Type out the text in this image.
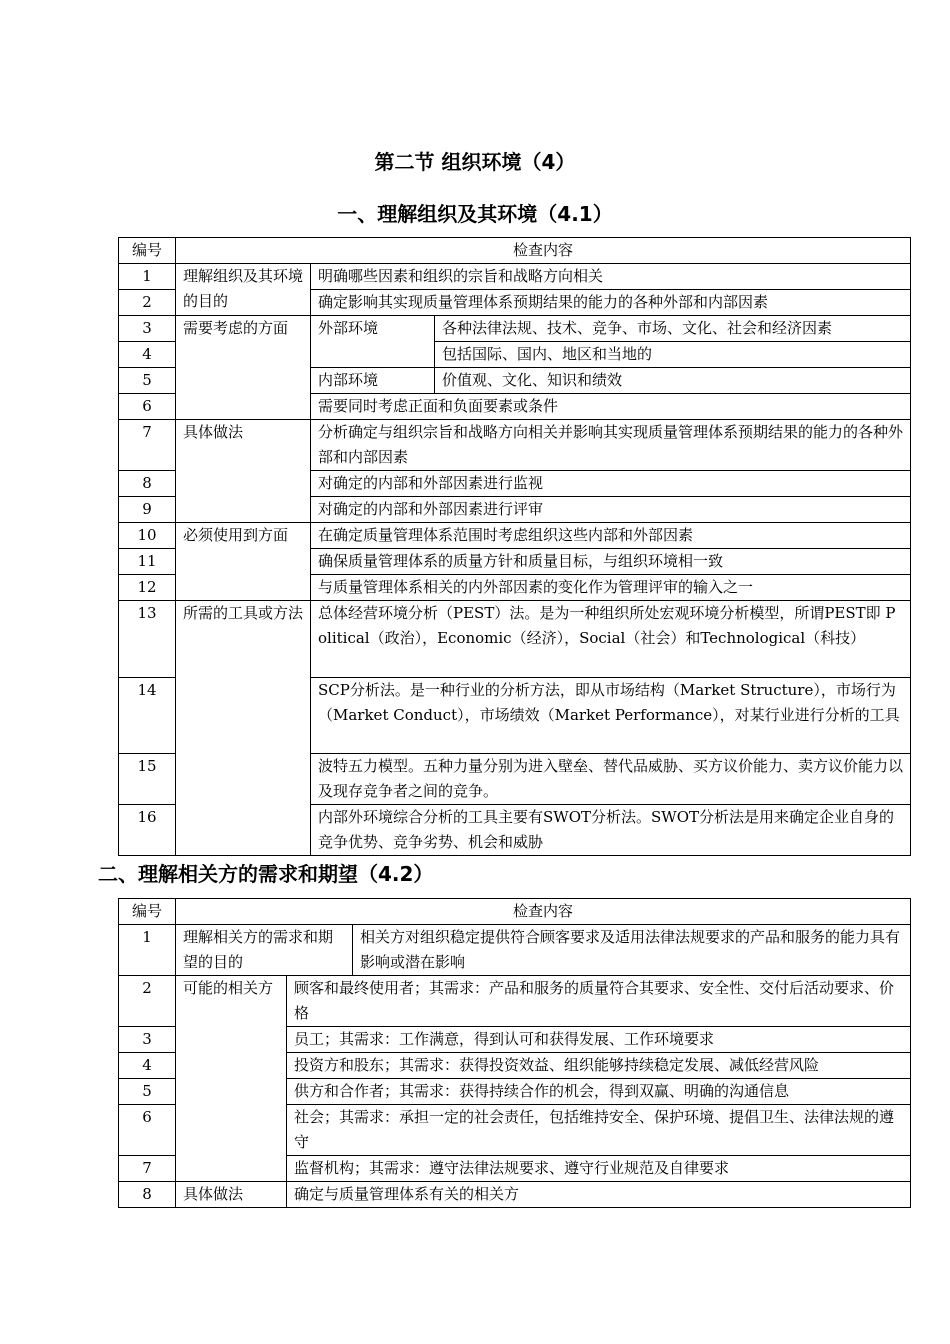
第二节 组织环境（4）
一、理解组织及其环境（4.1）
编号	检查内容		
1	理解组织及其环境的目的	明确哪些因素和组织的宗旨和战略方向相关	
2		确定影响其实现质量管理体系预期结果的能力的各种外部和内部因素	
3	需要考虑的方面	外部环境	各种法律法规、技术、竞争、市场、文化、社会和经济因素
4			包括国际、国内、地区和当地的
5		内部环境	价值观、文化、知识和绩效
6		需要同时考虑正面和负面要素或条件	
7	具体做法	分析确定与组织宗旨和战略方向相关并影响其实现质量管理体系预期结果的能力的各种外部和内部因素	
8		对确定的内部和外部因素进行监视	
9		对确定的内部和外部因素进行评审	
10	必须使用到方面	在确定质量管理体系范围时考虑组织这些内部和外部因素	
11		确保质量管理体系的质量方针和质量目标，与组织环境相一致	
12		与质量管理体系相关的内外部因素的变化作为管理评审的输入之一	
13	所需的工具或方法	总体经营环境分析（PEST）法。是为一种组织所处宏观环境分析模型，所谓PEST即 Political（政治），Economic（经济），Social（社会）和Technological（科技）	
14		SCP分析法。是一种行业的分析方法，即从市场结构（Market Structure），市场行为（Market Conduct），市场绩效（Market Performance），对某行业进行分析的工具	
15		波特五力模型。五种力量分别为进入壁垒、替代品威胁、买方议价能力、卖方议价能力以及现存竞争者之间的竞争。	
16		内部外环境综合分析的工具主要有SWOT分析法。SWOT分析法是用来确定企业自身的竞争优势、竞争劣势、机会和威胁	
二、理解相关方的需求和期望（4.2）
编号	检查内容		
1	理解相关方的需求和期望的目的		相关方对组织稳定提供符合顾客要求及适用法律法规要求的产品和服务的能力具有影响或潜在影响
2	可能的相关方	顾客和最终使用者；其需求：产品和服务的质量符合其要求、安全性、交付后活动要求、价格	
3		员工；其需求：工作满意，得到认可和获得发展、工作环境要求	
4		投资方和股东；其需求：获得投资效益、组织能够持续稳定发展、减低经营风险	
5		供方和合作者；其需求：获得持续合作的机会，得到双赢、明确的沟通信息	
6		社会；其需求：承担一定的社会责任，包括维持安全、保护环境、提倡卫生、法律法规的遵守	
7		监督机构；其需求：遵守法律法规要求、遵守行业规范及自律要求	
8	具体做法	确定与质量管理体系有关的相关方	
